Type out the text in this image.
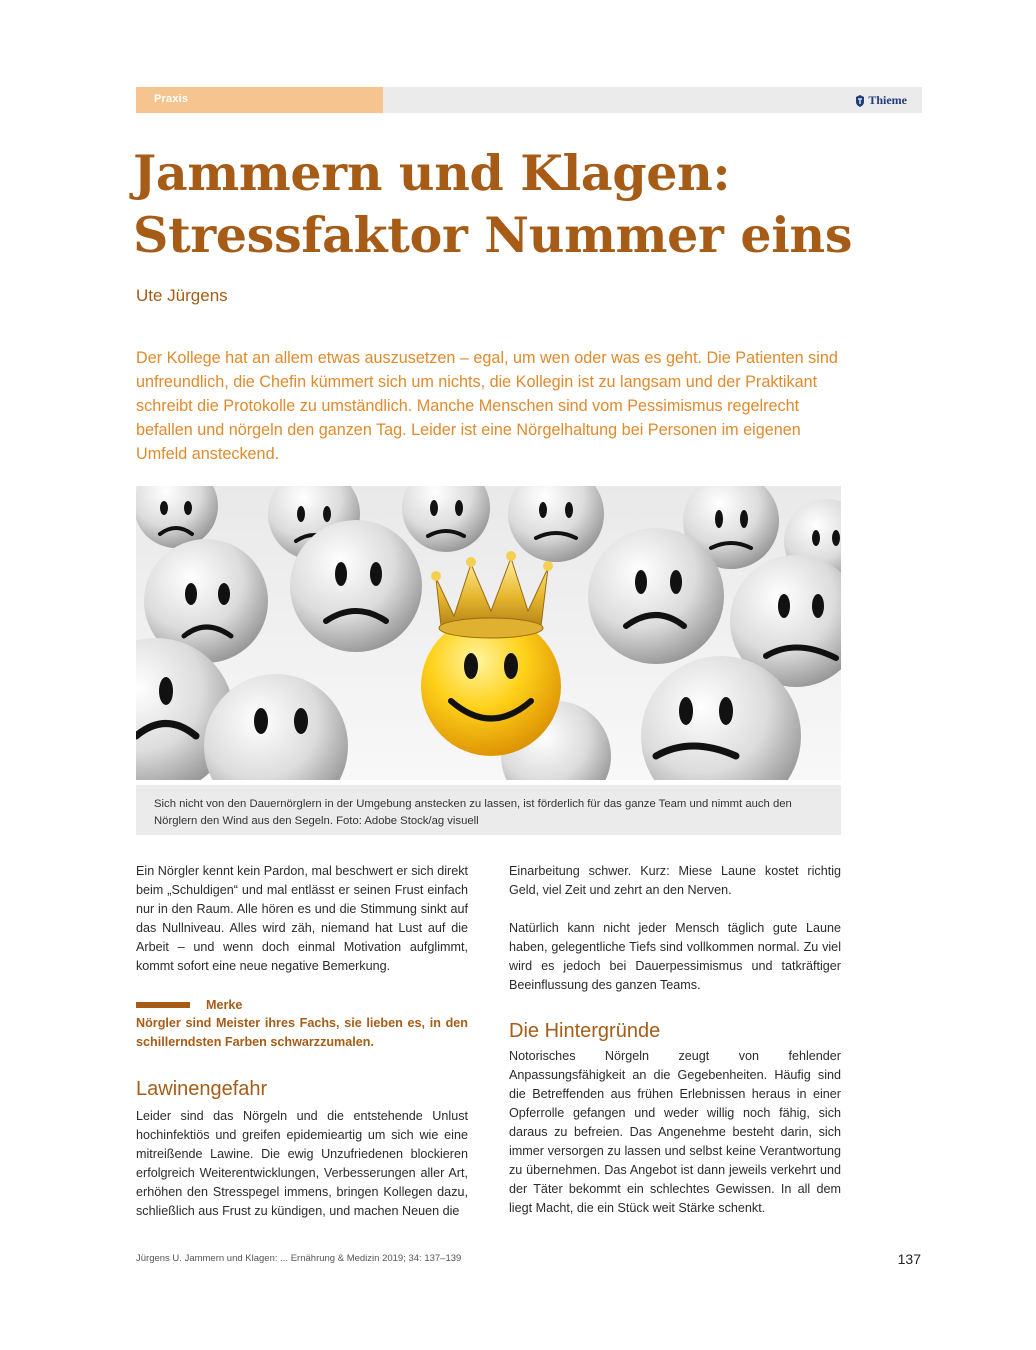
Praxis	Thieme
Jammern und Klagen:
Stressfaktor Nummer eins
Ute Jürgens

Der Kollege hat an allem etwas auszusetzen – egal, um wen oder was es geht. Die Patienten sind unfreundlich, die Chefin kümmert sich um nichts, die Kollegin ist zu langsam und der Praktikant schreibt die Protokolle zu umständlich. Manche Menschen sind vom Pessimismus regelrecht befallen und nörgeln den ganzen Tag. Leider ist eine Nörgelhaltung bei Personen im eigenen Umfeld ansteckend.

Sich nicht von den Dauernörglern in der Umgebung anstecken zu lassen, ist förderlich für das ganze Team und nimmt auch den Nörglern den Wind aus den Segeln. Foto: Adobe Stock/ag visuell

Ein Nörgler kennt kein Pardon, mal beschwert er sich direkt beim „Schuldigen“ und mal entlässt er seinen Frust einfach nur in den Raum. Alle hören es und die Stimmung sinkt auf das Nullniveau. Alles wird zäh, niemand hat Lust auf die Arbeit – und wenn doch einmal Motivation aufglimmt, kommt sofort eine neue negative Bemerkung.

Merke

Nörgler sind Meister ihres Fachs, sie lieben es, in den schillerndsten Farben schwarzzumalen.

Lawinengefahr

Leider sind das Nörgeln und die entstehende Unlust hochinfektiös und greifen epidemieartig um sich wie eine mitreißende Lawine. Die ewig Unzufriedenen blockieren erfolgreich Weiterentwicklungen, Verbesserungen aller Art, erhöhen den Stresspegel immens, bringen Kollegen dazu, schließlich aus Frust zu kündigen, und machen Neuen die

Einarbeitung schwer. Kurz: Miese Laune kostet richtig Geld, viel Zeit und zehrt an den Nerven.

Natürlich kann nicht jeder Mensch täglich gute Laune haben, gelegentliche Tiefs sind vollkommen normal. Zu viel wird es jedoch bei Dauerpessimismus und tatkräftiger Beeinflussung des ganzen Teams.

Die Hintergründe

Notorisches Nörgeln zeugt von fehlender Anpassungsfähigkeit an die Gegebenheiten. Häufig sind die Betreffenden aus frühen Erlebnissen heraus in einer Opferrolle gefangen und weder willig noch fähig, sich daraus zu befreien. Das Angenehme besteht darin, sich immer versorgen zu lassen und selbst keine Verantwortung zu übernehmen. Das Angebot ist dann jeweils verkehrt und der Täter bekommt ein schlechtes Gewissen. In all dem liegt Macht, die ein Stück weit Stärke schenkt.

Jürgens U. Jammern und Klagen: ... Ernährung & Medizin 2019; 34: 137–139	137
